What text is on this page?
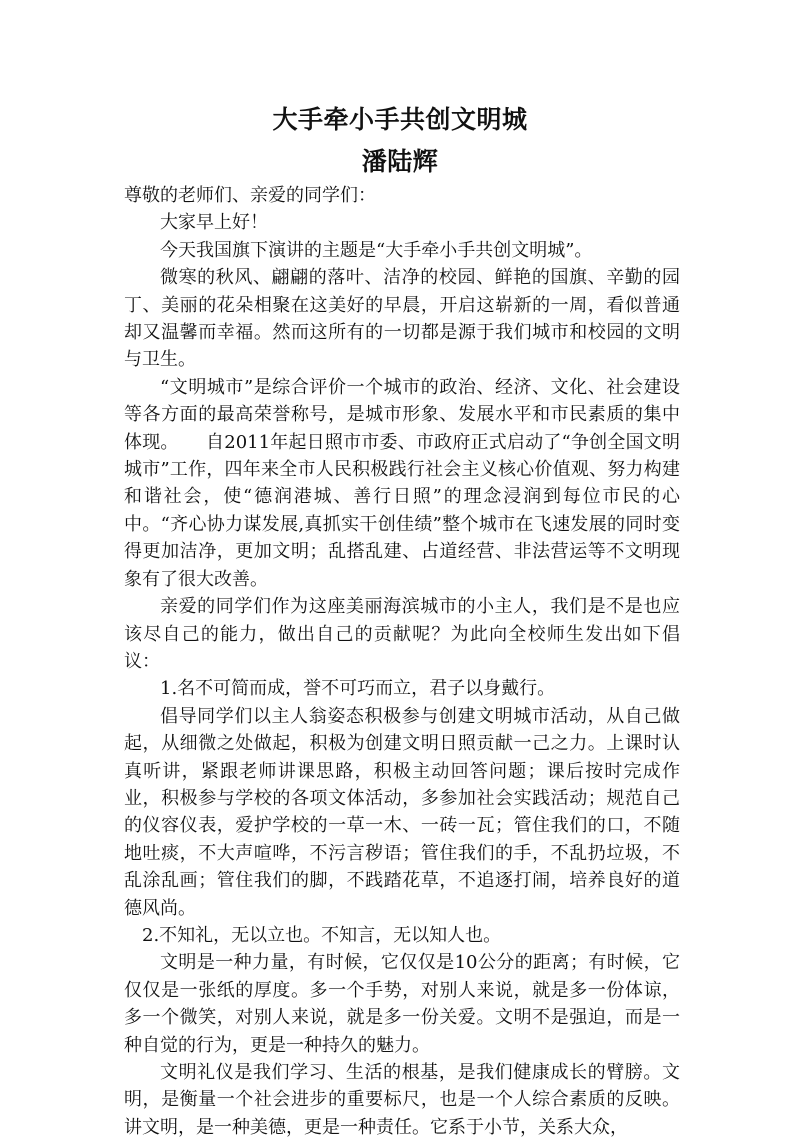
大手牵小手共创文明城
潘陆辉

尊敬的老师们、亲爱的同学们：

大家早上好！

今天我国旗下演讲的主题是“大手牵小手共创文明城”。

微寒的秋风、翩翩的落叶、洁净的校园、鲜艳的国旗、辛勤的园丁、美丽的花朵相聚在这美好的早晨，开启这崭新的一周，看似普通却又温馨而幸福。然而这所有的一切都是源于我们城市和校园的文明与卫生。

“文明城市”是综合评价一个城市的政治、经济、文化、社会建设等各方面的最高荣誉称号，是城市形象、发展水平和市民素质的集中体现。　　自2011年起日照市市委、市政府正式启动了“争创全国文明城市”工作，四年来全市人民积极践行社会主义核心价值观、努力构建和谐社会，使“德润港城、善行日照”的理念浸润到每位市民的心中。“齐心协力谋发展,真抓实干创佳绩”整个城市在飞速发展的同时变得更加洁净，更加文明；乱搭乱建、占道经营、非法营运等不文明现象有了很大改善。

亲爱的同学们作为这座美丽海滨城市的小主人，我们是不是也应该尽自己的能力，做出自己的贡献呢？为此向全校师生发出如下倡议：

1.名不可简而成，誉不可巧而立，君子以身戴行。

倡导同学们以主人翁姿态积极参与创建文明城市活动，从自己做起，从细微之处做起，积极为创建文明日照贡献一己之力。上课时认真听讲，紧跟老师讲课思路，积极主动回答问题；课后按时完成作业，积极参与学校的各项文体活动，多参加社会实践活动；规范自己的仪容仪表，爱护学校的一草一木、一砖一瓦；管住我们的口，不随地吐痰，不大声喧哗，不污言秽语；管住我们的手，不乱扔垃圾，不乱涂乱画；管住我们的脚，不践踏花草，不追逐打闹，培养良好的道德风尚。

2.不知礼，无以立也。不知言，无以知人也。

文明是一种力量，有时候，它仅仅是10公分的距离；有时候，它仅仅是一张纸的厚度。多一个手势，对别人来说，就是多一份体谅，多一个微笑，对别人来说，就是多一份关爱。文明不是强迫，而是一种自觉的行为，更是一种持久的魅力。

文明礼仪是我们学习、生活的根基，是我们健康成长的臂膀。文明，是衡量一个社会进步的重要标尺，也是一个人综合素质的反映。讲文明，是一种美德，更是一种责任。它系于小节，关系大众，
